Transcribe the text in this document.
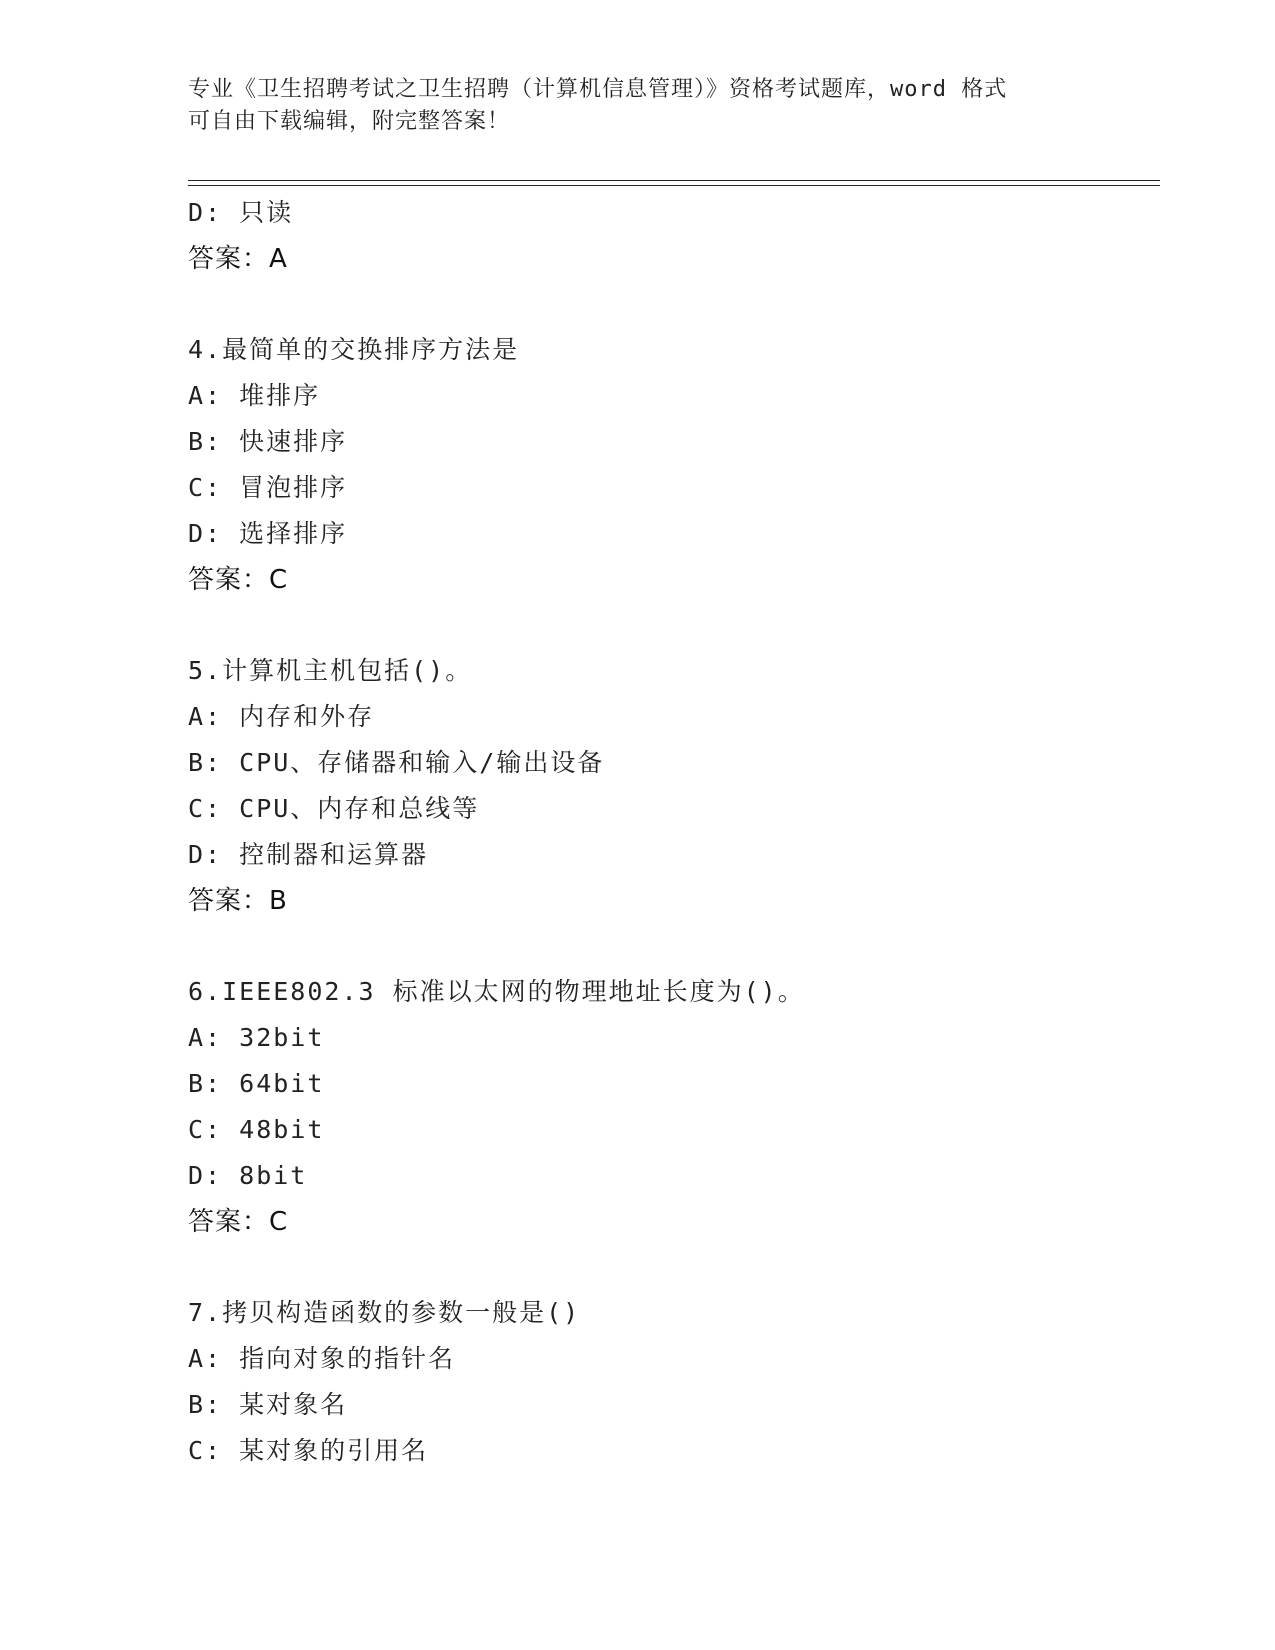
专业《卫生招聘考试之卫生招聘（计算机信息管理）》资格考试题库，word 格式
可自由下载编辑，附完整答案！
D: 只读
答案：A
4.最简单的交换排序方法是
A: 堆排序
B: 快速排序
C: 冒泡排序
D: 选择排序
答案：C
5.计算机主机包括()。
A: 内存和外存
B: CPU、存储器和输入/输出设备
C: CPU、内存和总线等
D: 控制器和运算器
答案：B
6.IEEE802.3 标准以太网的物理地址长度为()。
A: 32bit
B: 64bit
C: 48bit
D: 8bit
答案：C
7.拷贝构造函数的参数一般是()
A: 指向对象的指针名
B: 某对象名
C: 某对象的引用名
